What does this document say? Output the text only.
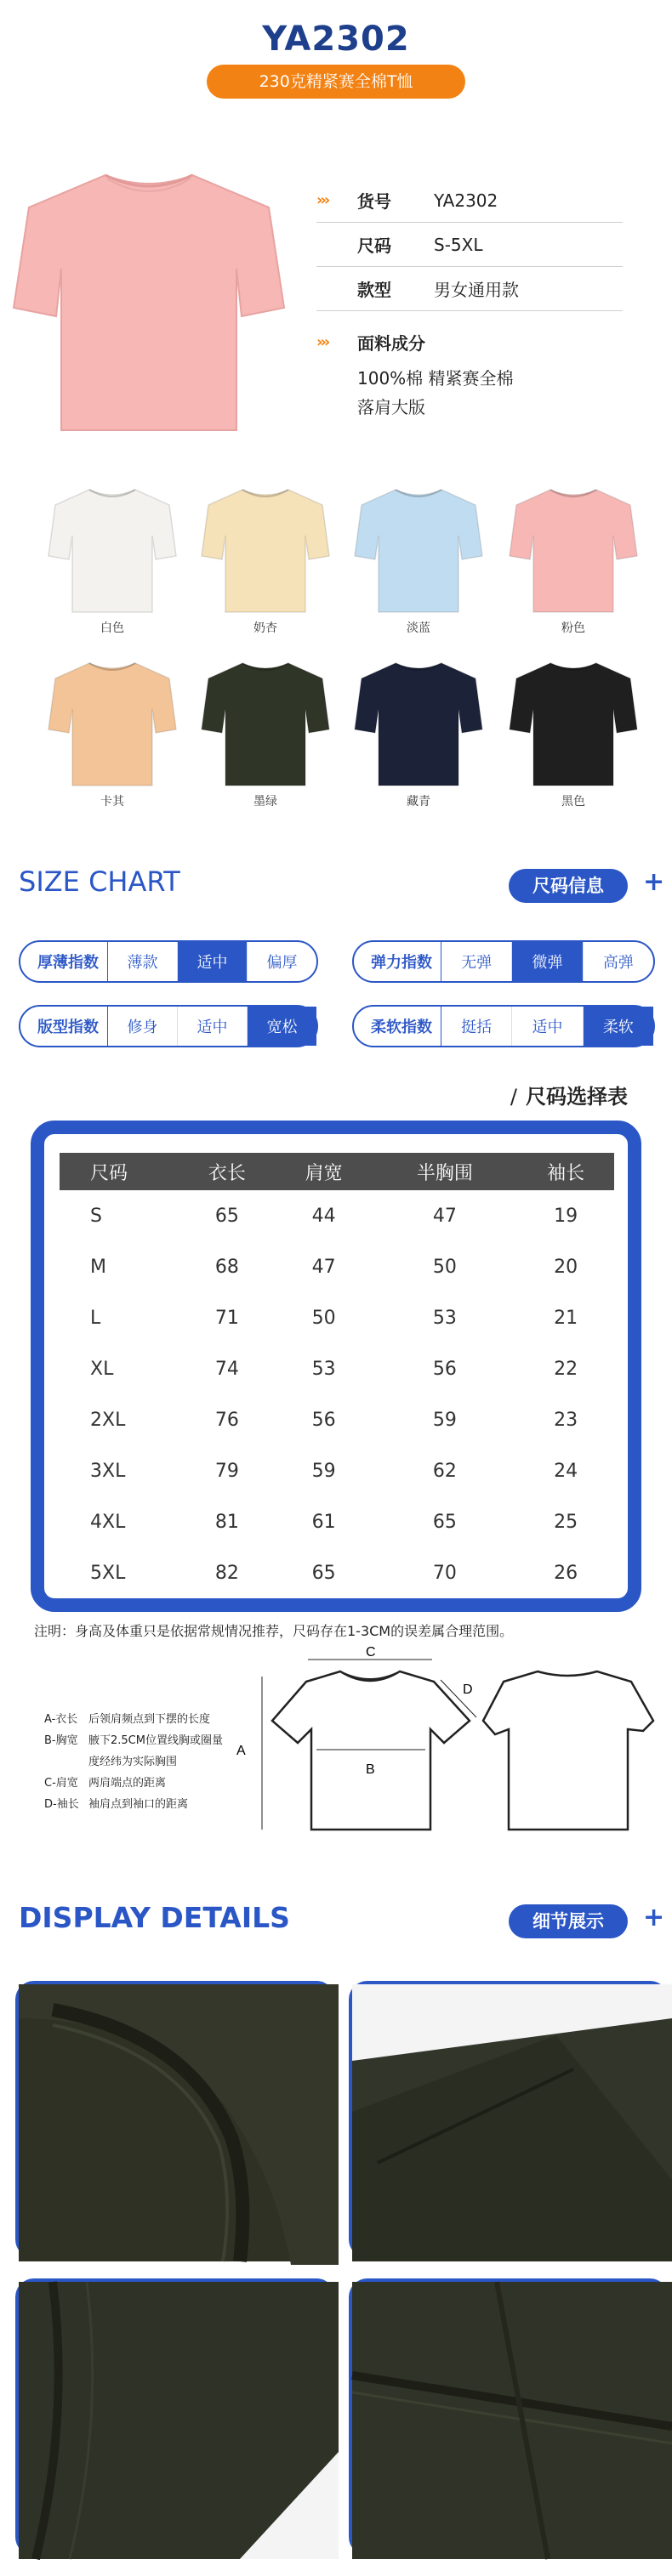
YA2302
230克精紧赛全棉T恤
›››	货号	YA2302
尺码	S-5XL
款型	男女通用款
›››	面料成分
100%棉 精紧赛全棉
落肩大版
白色	奶杏	淡蓝	粉色
卡其	墨绿	藏青	黑色
SIZE CHART	尺码信息	+
厚薄指数	薄款	适中	偏厚	弹力指数	无弹	微弹	高弹
版型指数	修身	适中	宽松	柔软指数	挺括	适中	柔软
/ 尺码选择表
尺码	衣长	肩宽	半胸围	袖长
S	65	44	47	19
M	68	47	50	20
L	71	50	53	21
XL	74	53	56	22
2XL	76	56	59	23
3XL	79	59	62	24
4XL	81	61	65	25
5XL	82	65	70	26
注明：身高及体重只是依据常规情况推荐，尺码存在1-3CM的误差属合理范围。
A-衣长 后领肩频点到下摆的长度
B-胸宽 腋下2.5CM位置线胸或圈量
度经纬为实际胸围
C-肩宽 两肩端点的距离
D-袖长 袖肩点到袖口的距离
C
B
A
D
DISPLAY DETAILS	细节展示	+
